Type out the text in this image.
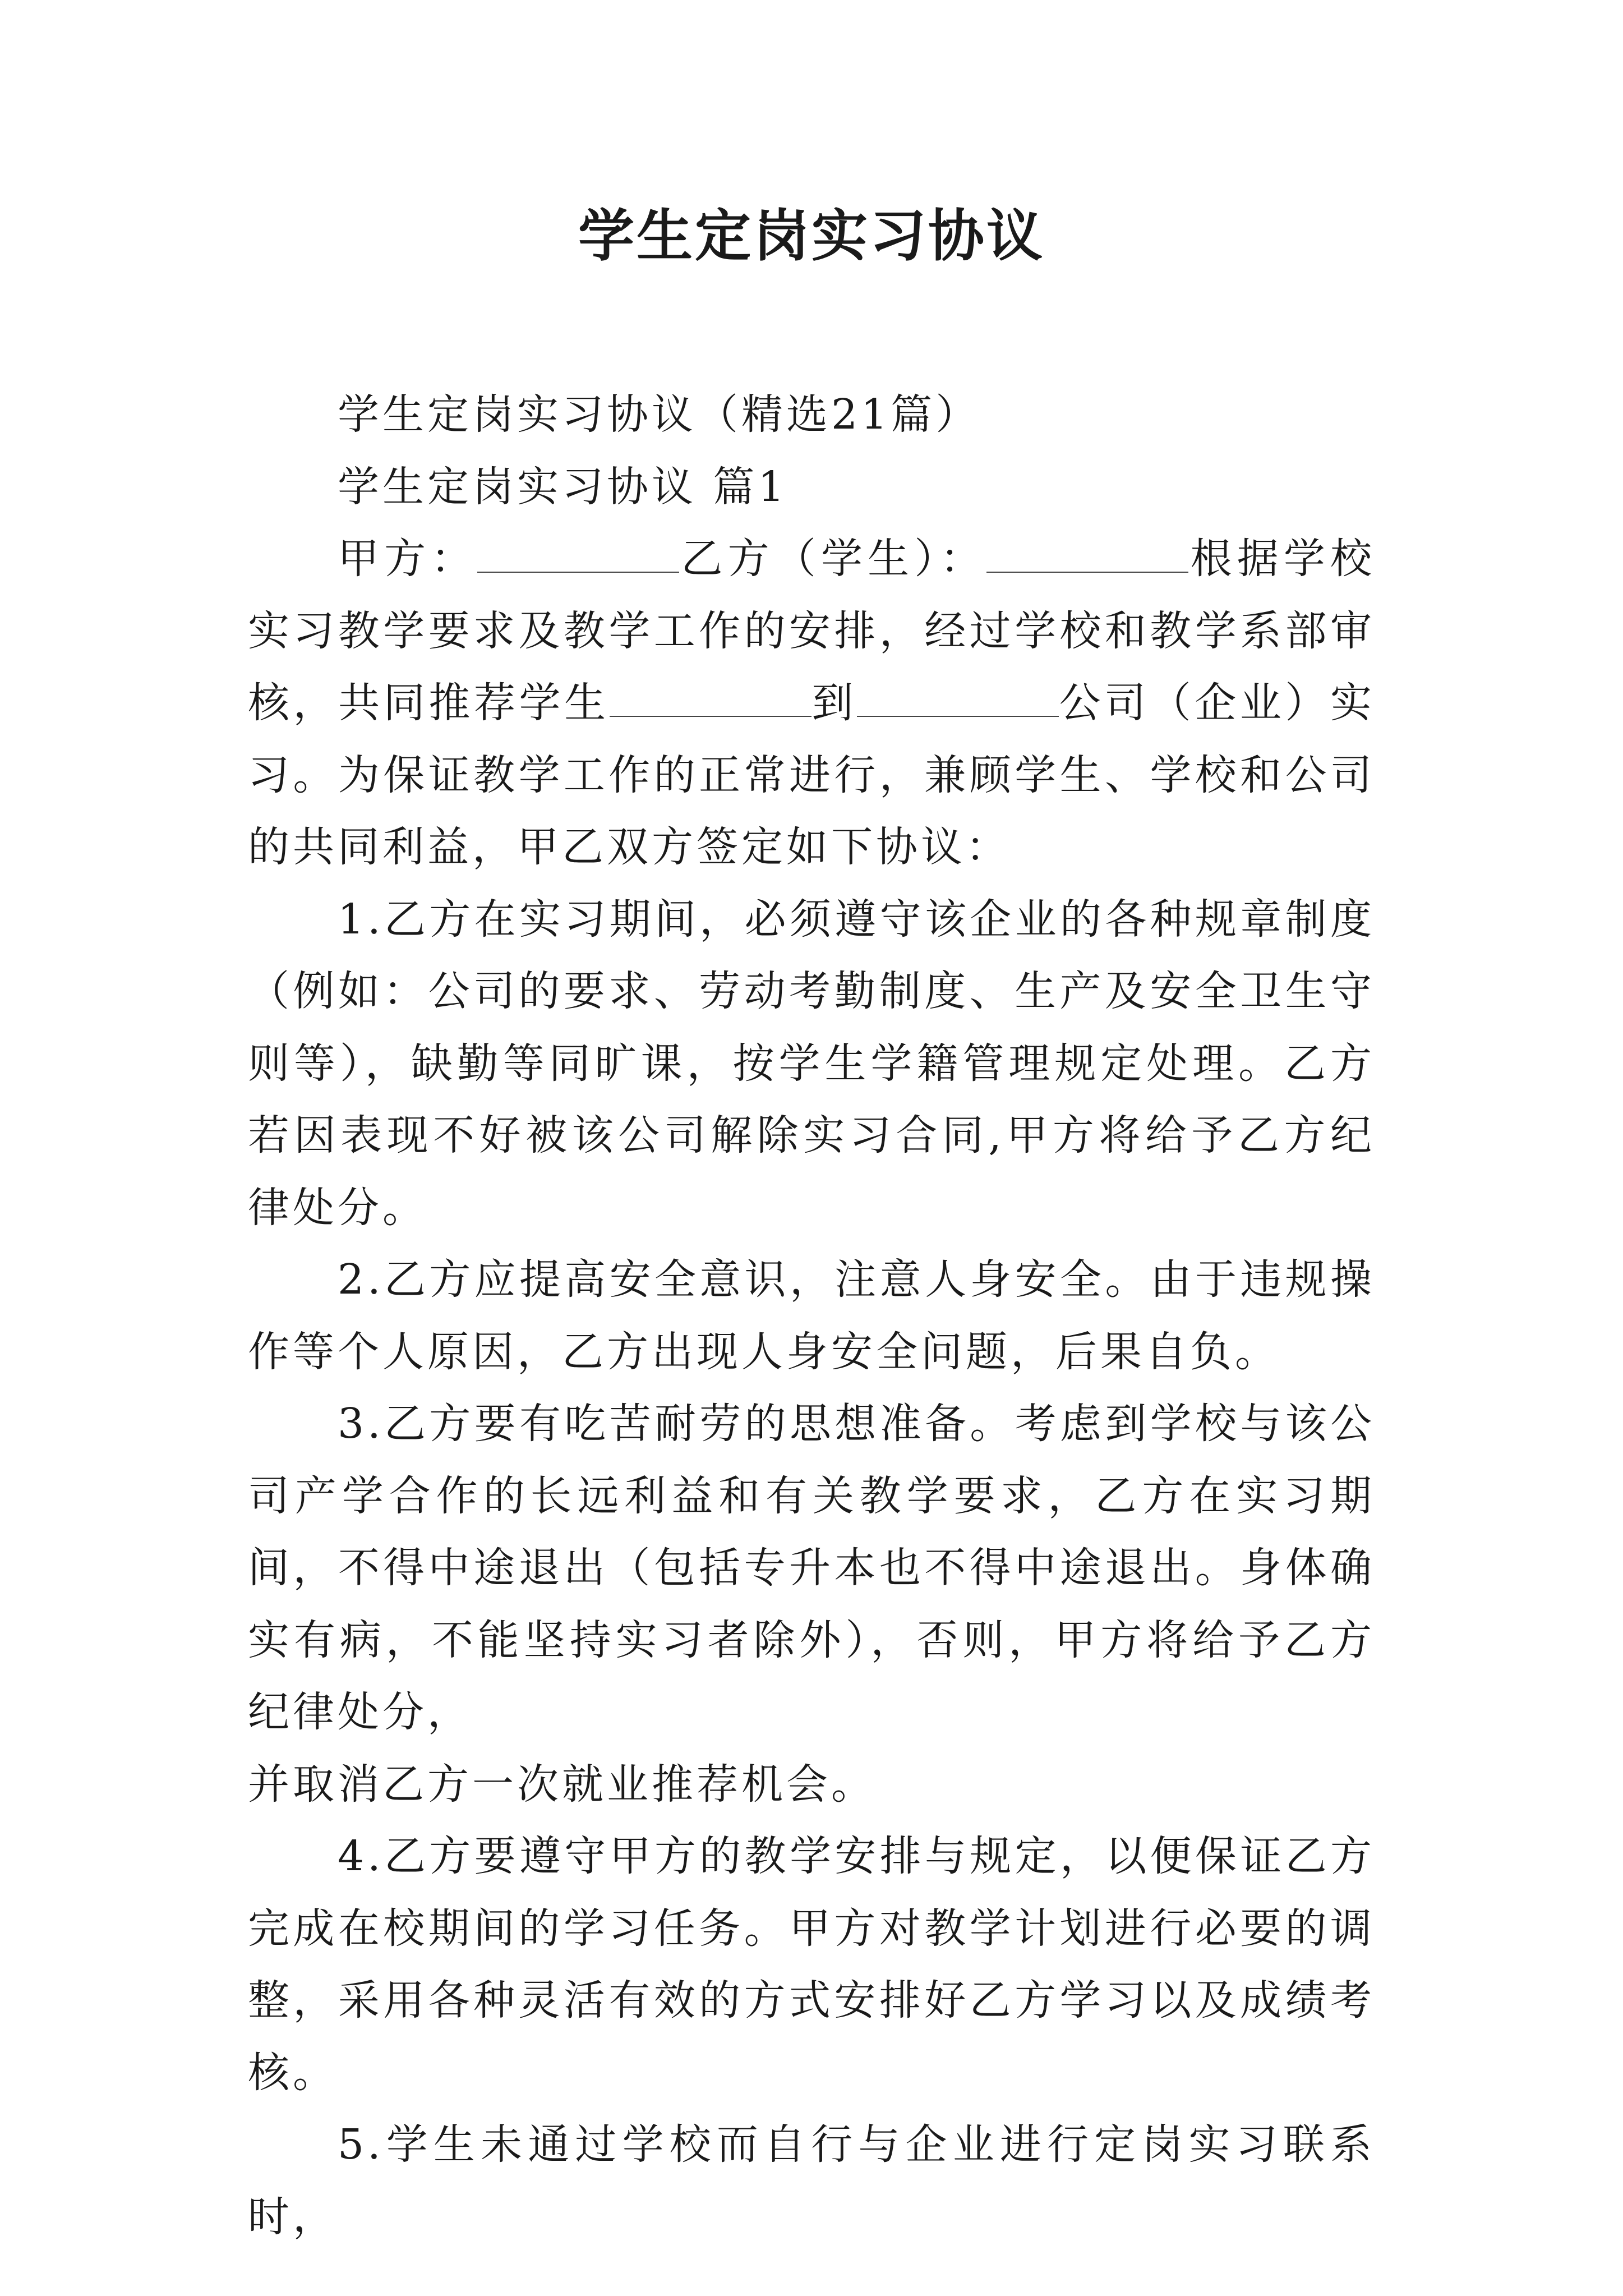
学生定岗实习协议

学生定岗实习协议（精选21篇）

学生定岗实习协议 篇1

甲方：	乙方（学生）：	根据学校实习教学要求及教学工作的安排，经过学校和教学系部审核，共同推荐学生	到	公司（企业）实习。为保证教学工作的正常进行，兼顾学生、学校和公司的共同利益，甲乙双方签定如下协议：

1.乙方在实习期间，必须遵守该企业的各种规章制度（例如：公司的要求、劳动考勤制度、生产及安全卫生守则等），缺勤等同旷课，按学生学籍管理规定处理。乙方若因表现不好被该公司解除实习合同,甲方将给予乙方纪律处分。

2.乙方应提高安全意识，注意人身安全。由于违规操作等个人原因，乙方出现人身安全问题，后果自负。

3.乙方要有吃苦耐劳的思想准备。考虑到学校与该公司产学合作的长远利益和有关教学要求，乙方在实习期间，不得中途退出（包括专升本也不得中途退出。身体确实有病，不能坚持实习者除外），否则，甲方将给予乙方纪律处分，
并取消乙方一次就业推荐机会。

4.乙方要遵守甲方的教学安排与规定，以便保证乙方完成在校期间的学习任务。甲方对教学计划进行必要的调整，采用各种灵活有效的方式安排好乙方学习以及成绩考核。

5.学生未通过学校而自行与企业进行定岗实习联系时，
